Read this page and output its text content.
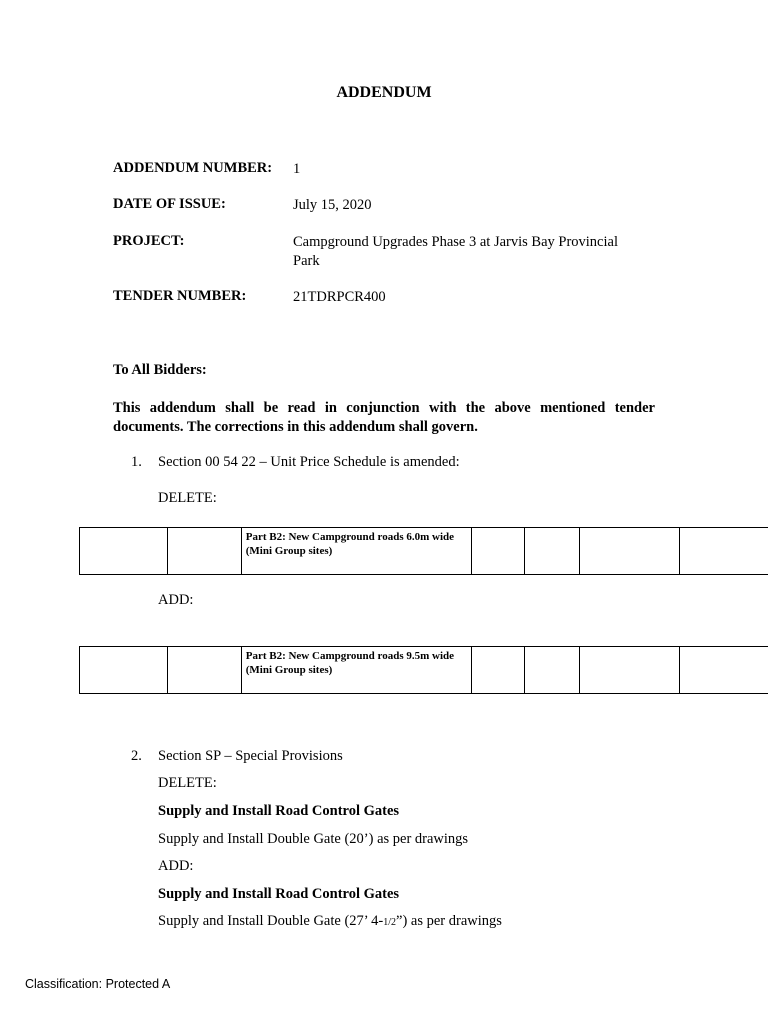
ADDENDUM
ADDENDUM NUMBER: 1
DATE OF ISSUE:	July 15, 2020
PROJECT:	Campground Upgrades Phase 3 at Jarvis Bay Provincial Park
TENDER NUMBER:	21TDRPCR400
To All Bidders:
This addendum shall be read in conjunction with the above mentioned tender
documents. The corrections in this addendum shall govern.
1. Section 00 54 22 – Unit Price Schedule is amended:
DELETE:
		Part B2: New Campground roads 6.0m wide (Mini Group sites)				
ADD:
		Part B2: New Campground roads 9.5m wide (Mini Group sites)				
2. Section SP – Special Provisions
DELETE:
Supply and Install Road Control Gates
Supply and Install Double Gate (20’) as per drawings
ADD:
Supply and Install Road Control Gates
Supply and Install Double Gate (27’ 4-1/2”) as per drawings
Classification: Protected A
